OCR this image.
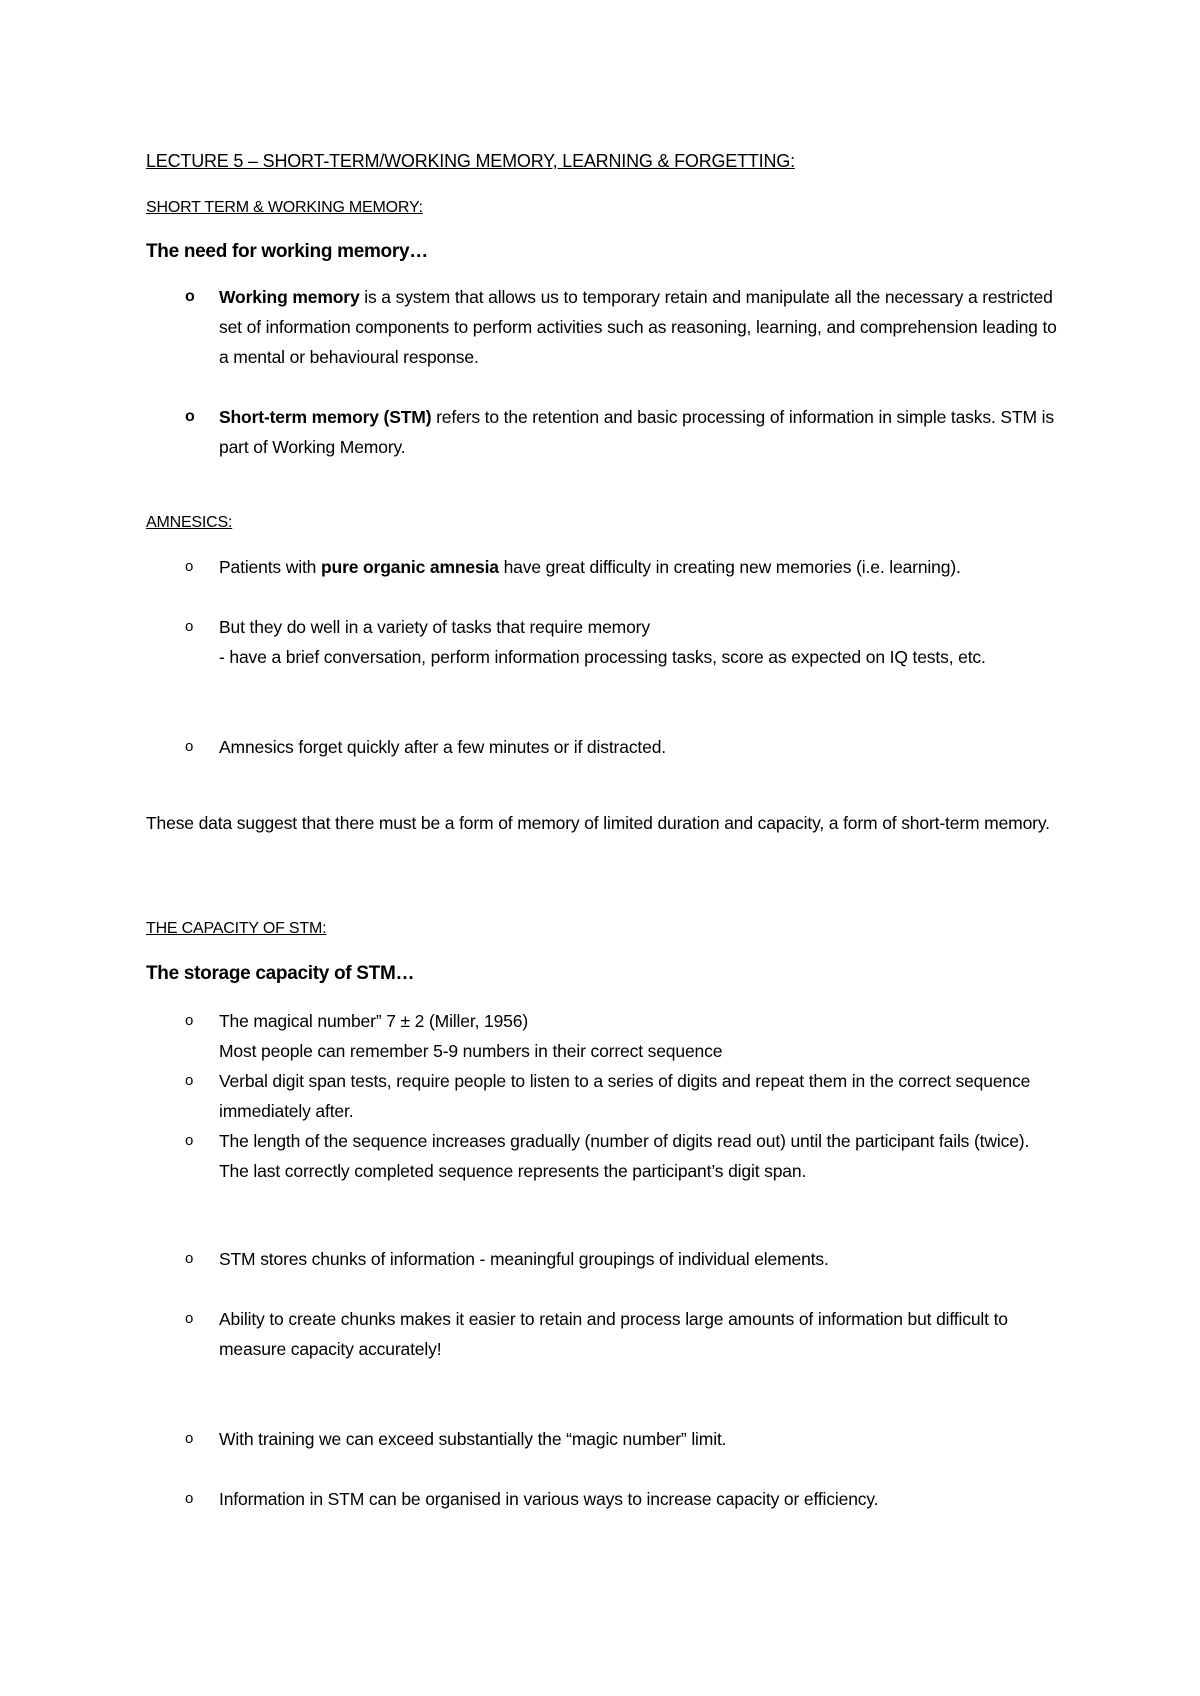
LECTURE 5 – SHORT-TERM/WORKING MEMORY, LEARNING & FORGETTING:
SHORT TERM & WORKING MEMORY:
The need for working memory…
o	Working memory is a system that allows us to temporary retain and manipulate all the necessary a restricted set of information components to perform activities such as reasoning, learning, and comprehension leading to a mental or behavioural response.
o	Short-term memory (STM) refers to the retention and basic processing of information in simple tasks. STM is part of Working Memory.
AMNESICS:
o	Patients with pure organic amnesia have great difficulty in creating new memories (i.e. learning).
o	But they do well in a variety of tasks that require memory
- have a brief conversation, perform information processing tasks, score as expected on IQ tests, etc.
o	Amnesics forget quickly after a few minutes or if distracted.
These data suggest that there must be a form of memory of limited duration and capacity, a form of short-term memory.
THE CAPACITY OF STM:
The storage capacity of STM…
o	The magical number” 7 ± 2 (Miller, 1956)
Most people can remember 5-9 numbers in their correct sequence
o	Verbal digit span tests, require people to listen to a series of digits and repeat them in the correct sequence immediately after.
o	The length of the sequence increases gradually (number of digits read out) until the participant fails (twice). The last correctly completed sequence represents the participant’s digit span.
o	STM stores chunks of information - meaningful groupings of individual elements.
o	Ability to create chunks makes it easier to retain and process large amounts of information but difficult to measure capacity accurately!
o	With training we can exceed substantially the “magic number” limit.
o	Information in STM can be organised in various ways to increase capacity or efficiency.
